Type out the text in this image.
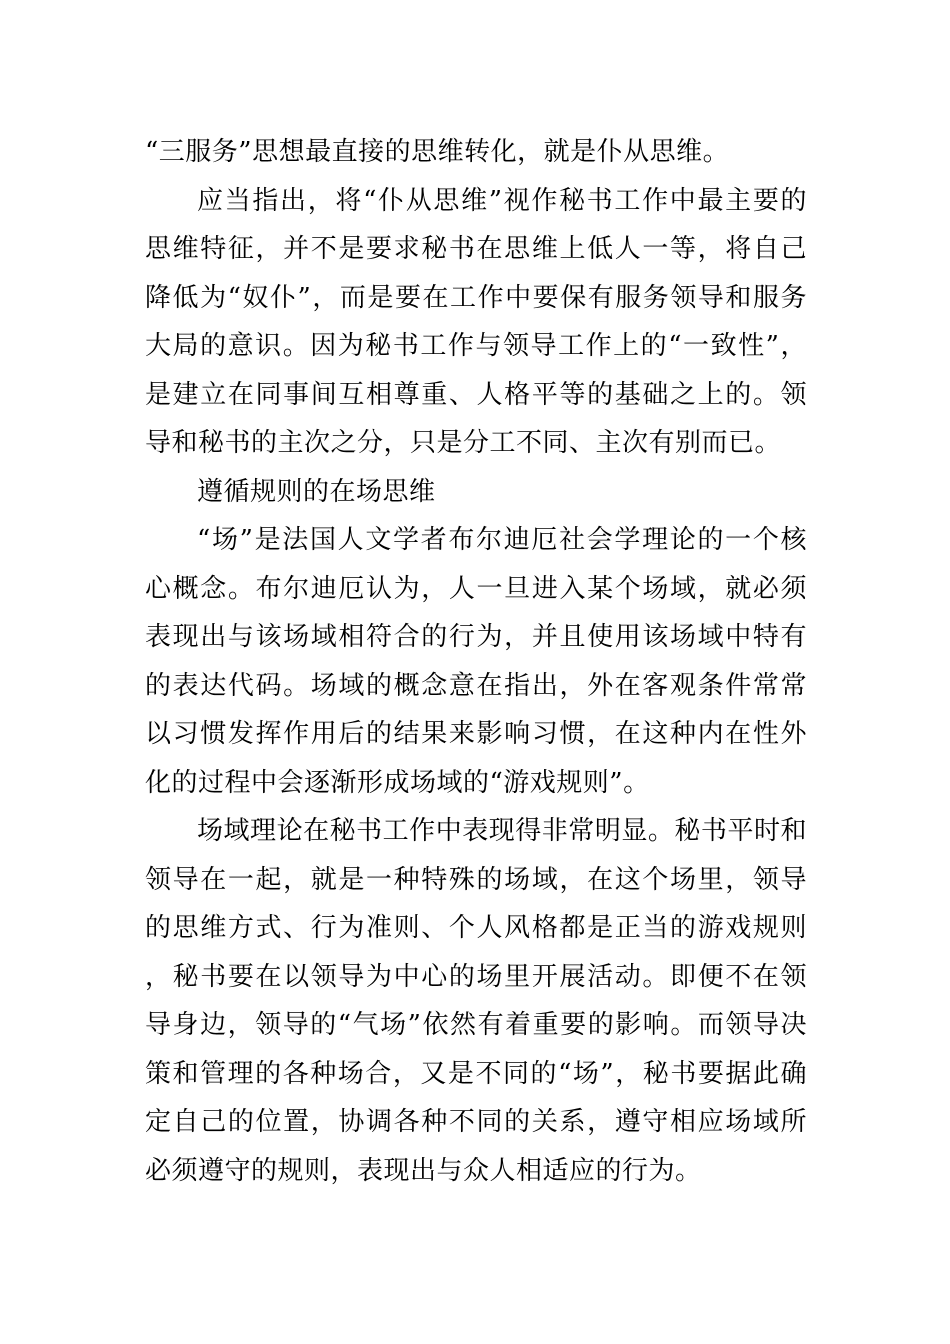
“三服务”思想最直接的思维转化，就是仆从思维。

应当指出，将“仆从思维”视作秘书工作中最主要的思维特征，并不是要求秘书在思维上低人一等，将自己降低为“奴仆”，而是要在工作中要保有服务领导和服务大局的意识。因为秘书工作与领导工作上的“一致性”，是建立在同事间互相尊重、人格平等的基础之上的。领导和秘书的主次之分，只是分工不同、主次有别而已。

遵循规则的在场思维

“场”是法国人文学者布尔迪厄社会学理论的一个核心概念。布尔迪厄认为，人一旦进入某个场域，就必须表现出与该场域相符合的行为，并且使用该场域中特有的表达代码。场域的概念意在指出，外在客观条件常常以习惯发挥作用后的结果来影响习惯，在这种内在性外化的过程中会逐渐形成场域的“游戏规则”。

场域理论在秘书工作中表现得非常明显。秘书平时和领导在一起，就是一种特殊的场域，在这个场里，领导的思维方式、行为准则、个人风格都是正当的游戏规则，秘书要在以领导为中心的场里开展活动。即便不在领导身边，领导的“气场”依然有着重要的影响。而领导决策和管理的各种场合，又是不同的“场”，秘书要据此确定自己的位置，协调各种不同的关系，遵守相应场域所必须遵守的规则，表现出与众人相适应的行为。
